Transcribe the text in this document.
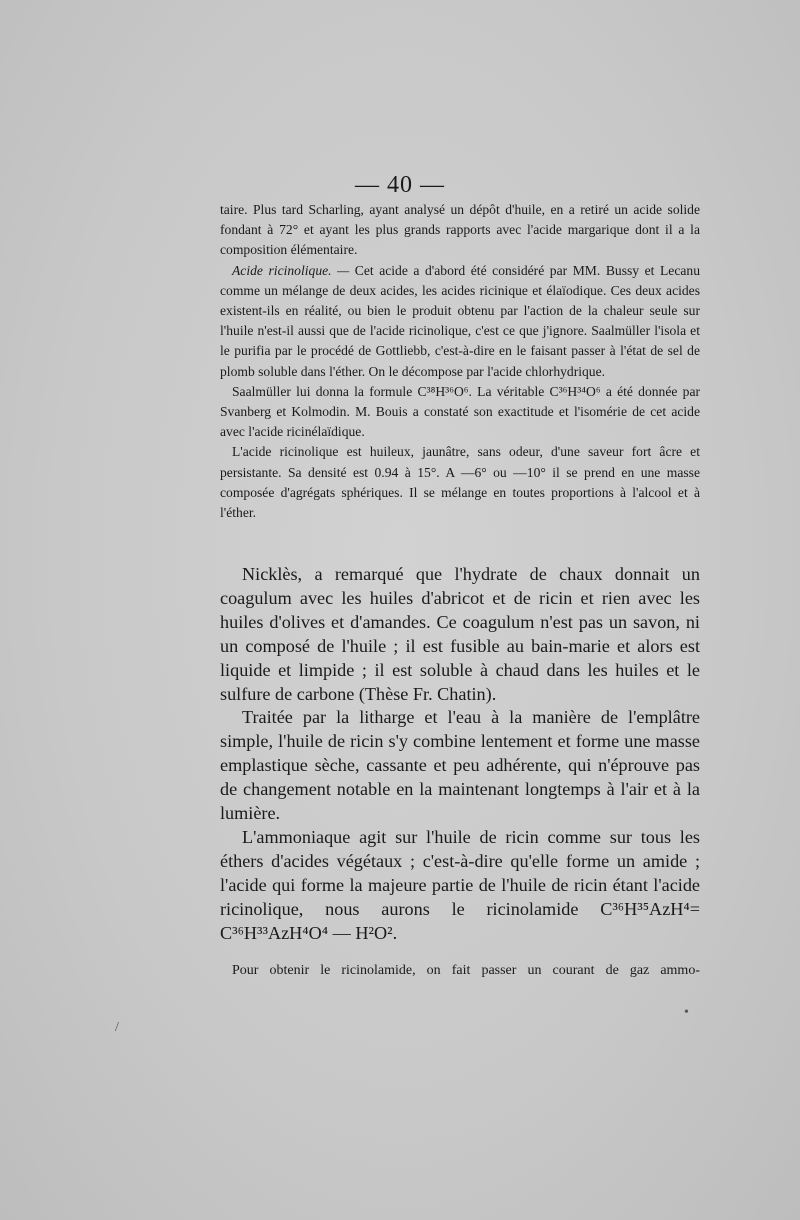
— 40 —

taire. Plus tard Scharling, ayant analysé un dépôt d'huile, en a retiré un acide solide fondant à 72° et ayant les plus grands rapports avec l'acide margarique dont il a la composition élémentaire.

Acide ricinolique. — Cet acide a d'abord été considéré par MM. Bussy et Lecanu comme un mélange de deux acides, les acides ricinique et élaïodique. Ces deux acides existent-ils en réalité, ou bien le produit obtenu par l'action de la chaleur seule sur l'huile n'est-il aussi que de l'acide ricinolique, c'est ce que j'ignore. Saalmüller l'isola et le purifia par le procédé de Gottliebb, c'est-à-dire en le faisant passer à l'état de sel de plomb soluble dans l'éther. On le décompose par l'acide chlorhydrique.

Saalmüller lui donna la formule C³⁸H³⁶O⁶. La véritable C³⁶H³⁴O⁶ a été donnée par Svanberg et Kolmodin. M. Bouis a constaté son exactitude et l'isomérie de cet acide avec l'acide ricinélaïdique.

L'acide ricinolique est huileux, jaunâtre, sans odeur, d'une saveur fort âcre et persistante. Sa densité est 0.94 à 15°. A —6° ou —10° il se prend en une masse composée d'agrégats sphériques. Il se mélange en toutes proportions à l'alcool et à l'éther.

Nicklès, a remarqué que l'hydrate de chaux donnait un coagulum avec les huiles d'abricot et de ricin et rien avec les huiles d'olives et d'amandes. Ce coagulum n'est pas un savon, ni un composé de l'huile ; il est fusible au bain-marie et alors est liquide et limpide ; il est soluble à chaud dans les huiles et le sulfure de carbone (Thèse Fr. Chatin).

Traitée par la litharge et l'eau à la manière de l'emplâtre simple, l'huile de ricin s'y combine lentement et forme une masse emplastique sèche, cassante et peu adhérente, qui n'éprouve pas de changement notable en la maintenant longtemps à l'air et à la lumière.

L'ammoniaque agit sur l'huile de ricin comme sur tous les éthers d'acides végétaux ; c'est-à-dire qu'elle forme un amide ; l'acide qui forme la majeure partie de l'huile de ricin étant l'acide ricinolique, nous aurons le ricinolamide C³⁶H³⁵AzH⁴= C³⁶H³³AzH⁴O⁴ — H²O².

Pour obtenir le ricinolamide, on fait passer un courant de gaz ammo-
/
•
